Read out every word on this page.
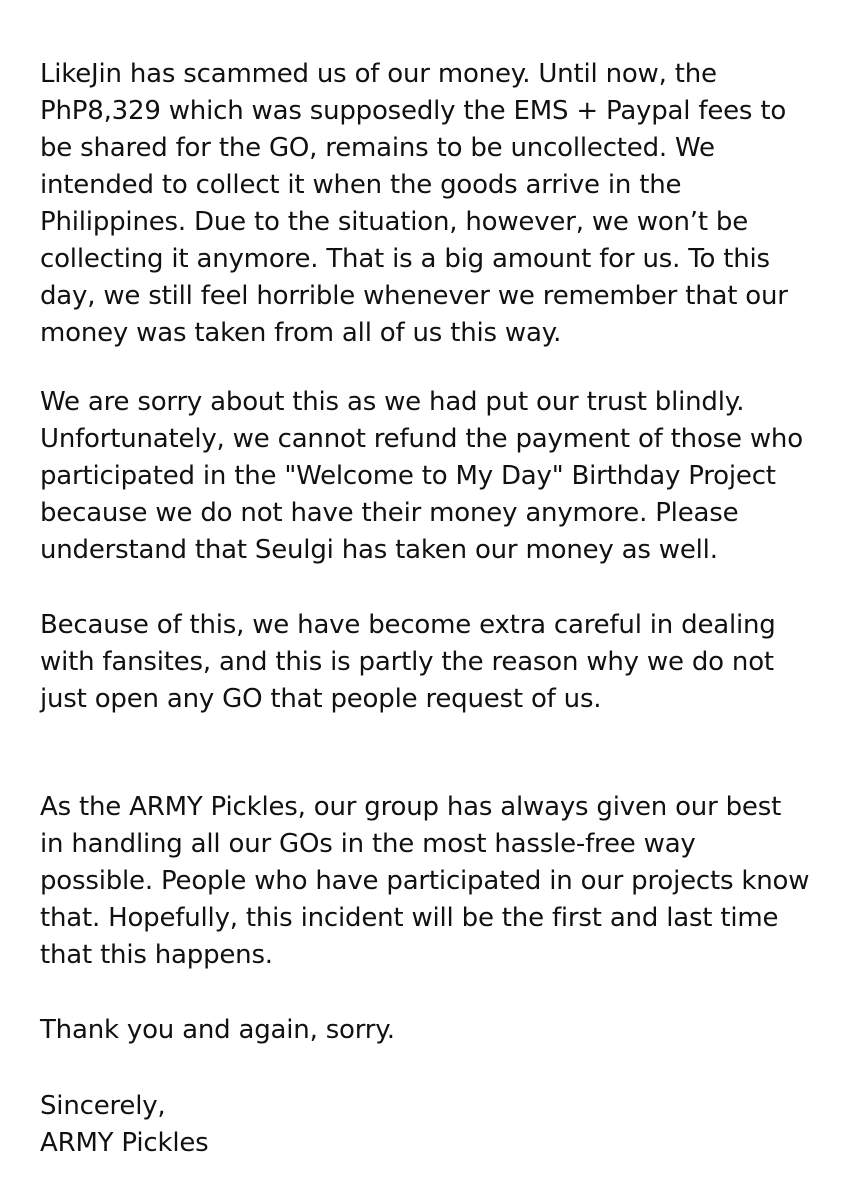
LikeJin has scammed us of our money. Until now, the
PhP8,329 which was supposedly the EMS + Paypal fees to
be shared for the GO, remains to be uncollected. We
intended to collect it when the goods arrive in the
Philippines. Due to the situation, however, we won’t be
collecting it anymore. That is a big amount for us. To this
day, we still feel horrible whenever we remember that our
money was taken from all of us this way.
We are sorry about this as we had put our trust blindly.
Unfortunately, we cannot refund the payment of those who
participated in the "Welcome to My Day" Birthday Project
because we do not have their money anymore. Please
understand that Seulgi has taken our money as well.
Because of this, we have become extra careful in dealing
with fansites, and this is partly the reason why we do not
just open any GO that people request of us.
As the ARMY Pickles, our group has always given our best
in handling all our GOs in the most hassle-free way
possible. People who have participated in our projects know
that. Hopefully, this incident will be the first and last time
that this happens.
Thank you and again, sorry.
Sincerely,
ARMY Pickles
